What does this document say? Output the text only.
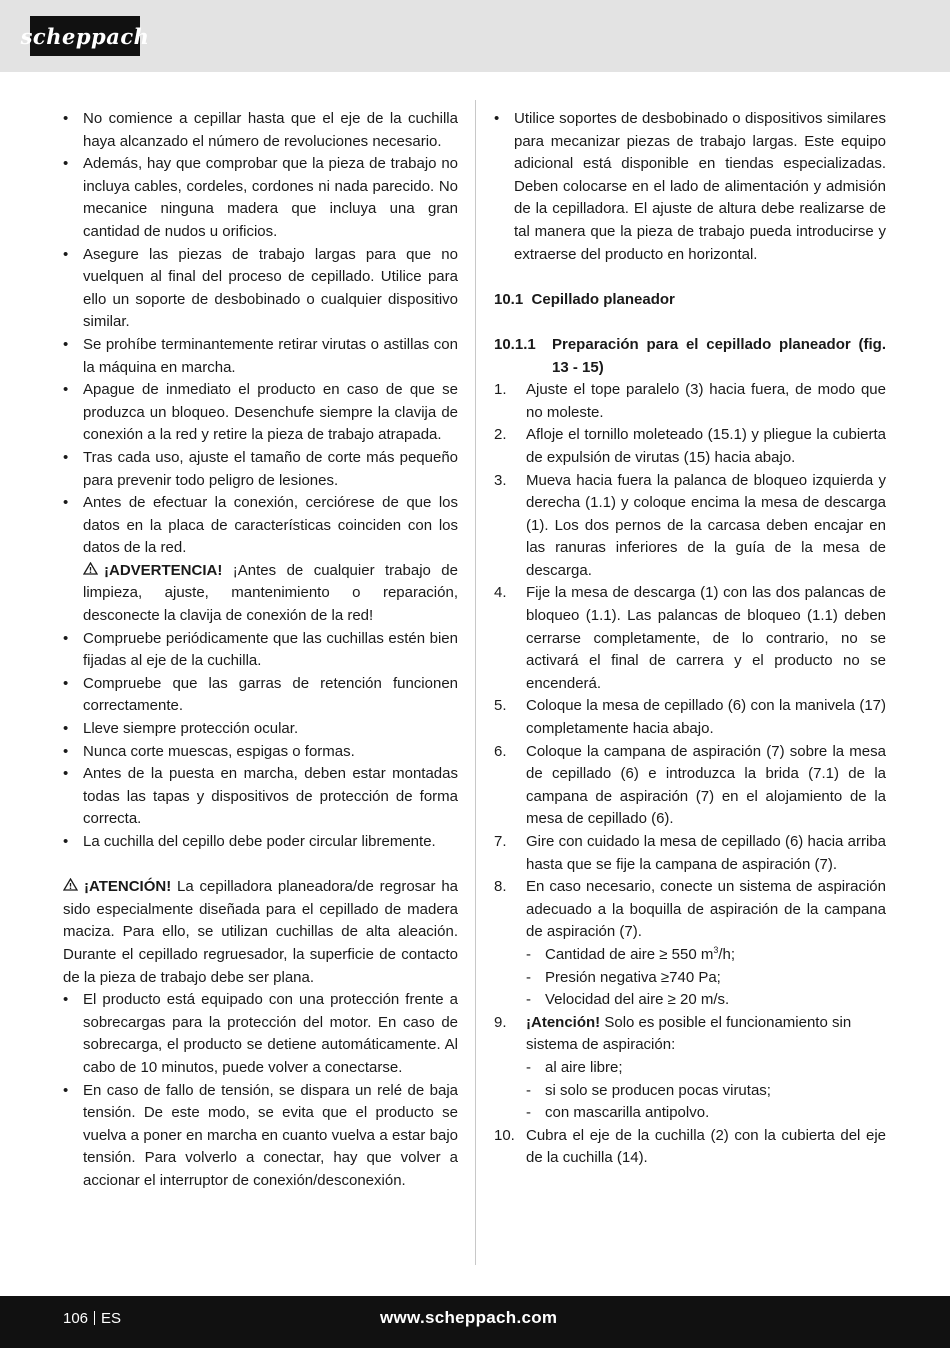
scheppach
• No comience a cepillar hasta que el eje de la cuchilla haya alcanzado el número de revoluciones necesario.
• Además, hay que comprobar que la pieza de trabajo no incluya cables, cordeles, cordones ni nada parecido. No mecanice ninguna madera que incluya una gran cantidad de nudos u orificios.
• Asegure las piezas de trabajo largas para que no vuelquen al final del proceso de cepillado. Utilice para ello un soporte de desbobinado o cualquier dispositivo similar.
• Se prohíbe terminantemente retirar virutas o astillas con la máquina en marcha.
• Apague de inmediato el producto en caso de que se produzca un bloqueo. Desenchufe siempre la clavija de conexión a la red y retire la pieza de trabajo atrapada.
• Tras cada uso, ajuste el tamaño de corte más pequeño para prevenir todo peligro de lesiones.
• Antes de efectuar la conexión, cerciórese de que los datos en la placa de características coinciden con los datos de la red.
¡ADVERTENCIA! ¡Antes de cualquier trabajo de limpieza, ajuste, mantenimiento o reparación, desconecte la clavija de conexión de la red!
• Compruebe periódicamente que las cuchillas estén bien fijadas al eje de la cuchilla.
• Compruebe que las garras de retención funcionen correctamente.
• Lleve siempre protección ocular.
• Nunca corte muescas, espigas o formas.
• Antes de la puesta en marcha, deben estar montadas todas las tapas y dispositivos de protección de forma correcta.
• La cuchilla del cepillo debe poder circular libremente.
¡ATENCIÓN! La cepilladora planeadora/de regrosar ha sido especialmente diseñada para el cepillado de madera maciza. Para ello, se utilizan cuchillas de alta aleación. Durante el cepillado regruesador, la superficie de contacto de la pieza de trabajo debe ser plana.
• El producto está equipado con una protección frente a sobrecargas para la protección del motor. En caso de sobrecarga, el producto se detiene automáticamente. Al cabo de 10 minutos, puede volver a conectarse.
• En caso de fallo de tensión, se dispara un relé de baja tensión. De este modo, se evita que el producto se vuelva a poner en marcha en cuanto vuelva a estar bajo tensión. Para volverlo a conectar, hay que volver a accionar el interruptor de conexión/desconexión.
• Utilice soportes de desbobinado o dispositivos similares para mecanizar piezas de trabajo largas. Este equipo adicional está disponible en tiendas especializadas. Deben colocarse en el lado de alimentación y admisión de la cepilladora. El ajuste de altura debe realizarse de tal manera que la pieza de trabajo pueda introducirse y extraerse del producto en horizontal.
10.1  Cepillado planeador
10.1.1 Preparación para el cepillado planeador (fig. 13 - 15)
1. Ajuste el tope paralelo (3) hacia fuera, de modo que no moleste.
2. Afloje el tornillo moleteado (15.1) y pliegue la cubierta de expulsión de virutas (15) hacia abajo.
3. Mueva hacia fuera la palanca de bloqueo izquierda y derecha (1.1) y coloque encima la mesa de descarga (1). Los dos pernos de la carcasa deben encajar en las ranuras inferiores de la guía de la mesa de descarga.
4. Fije la mesa de descarga (1) con las dos palancas de bloqueo (1.1). Las palancas de bloqueo (1.1) deben cerrarse completamente, de lo contrario, no se activará el final de carrera y el producto no se encenderá.
5. Coloque la mesa de cepillado (6) con la manivela (17) completamente hacia abajo.
6. Coloque la campana de aspiración (7) sobre la mesa de cepillado (6) e introduzca la brida (7.1) de la campana de aspiración (7) en el alojamiento de la mesa de cepillado (6).
7. Gire con cuidado la mesa de cepillado (6) hacia arriba hasta que se fije la campana de aspiración (7).
8. En caso necesario, conecte un sistema de aspiración adecuado a la boquilla de aspiración de la campana de aspiración (7).
- Cantidad de aire ≥ 550 $m^3/h$;
- Presión negativa ≥740 Pa;
- Velocidad del aire ≥ 20 m/s.
9. ¡Atención! Solo es posible el funcionamiento sin sistema de aspiración:
- al aire libre;
- si solo se producen pocas virutas;
- con mascarilla antipolvo.
10. Cubra el eje de la cuchilla (2) con la cubierta del eje de la cuchilla (14).
106 ES	www.scheppach.com
